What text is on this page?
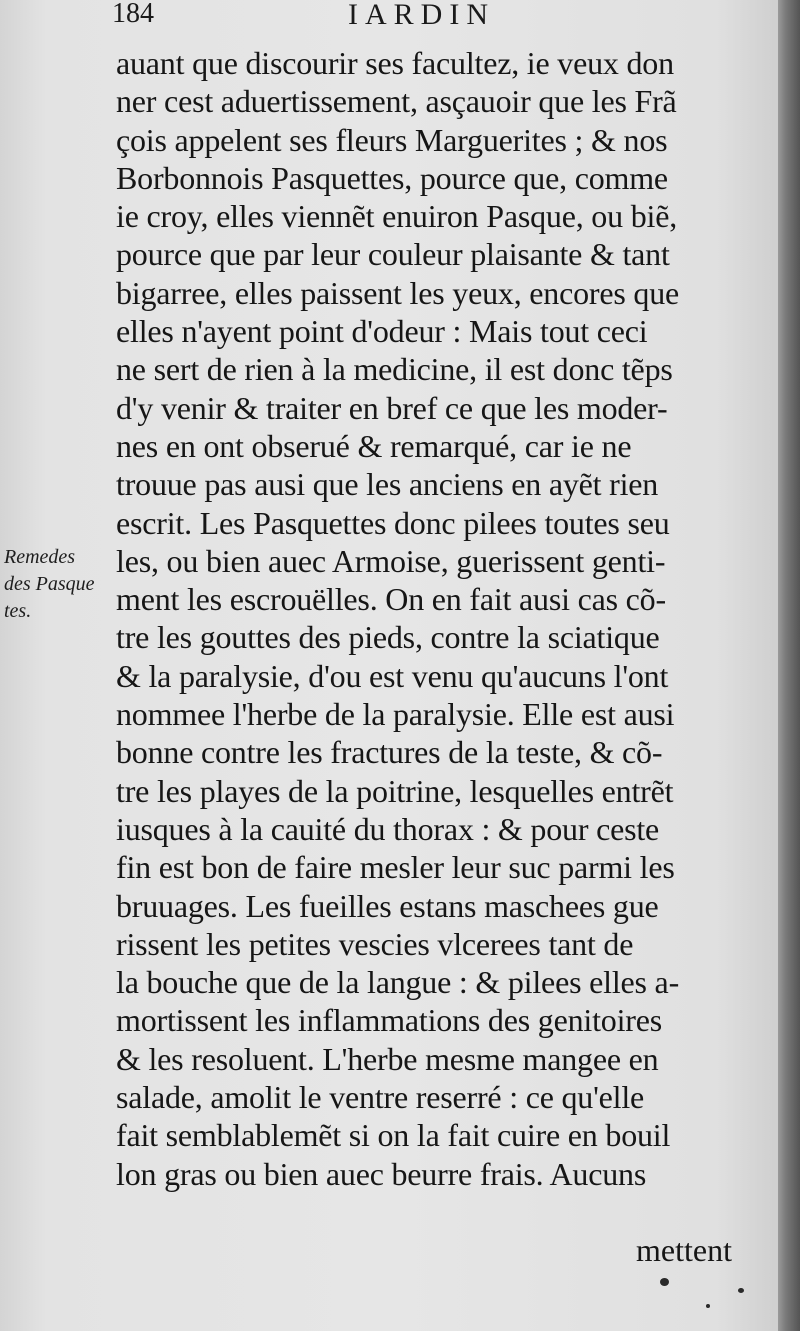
184	IARDIN
Remedes
des Pasque
tes.
auant que discourir ses facultez, ie veux don
ner cest aduertissement, asçauoir que les Frã
çois appelent ses fleurs Marguerites ; & nos
Borbonnois Pasquettes, pource que, comme
ie croy, elles viennẽt enuiron Pasque, ou biẽ,
pource que par leur couleur plaisante & tant
bigarree, elles paissent les yeux, encores que
elles n'ayent point d'odeur : Mais tout ceci
ne sert de rien à la medicine, il est donc tẽps
d'y venir & traiter en bref ce que les moder-
nes en ont obserué & remarqué, car ie ne
trouue pas ausi que les anciens en ayẽt rien
escrit. Les Pasquettes donc pilees toutes seu
les, ou bien auec Armoise, guerissent genti-
ment les escrouëlles. On en fait ausi cas cõ-
tre les gouttes des pieds, contre la sciatique
& la paralysie, d'ou est venu qu'aucuns l'ont
nommee l'herbe de la paralysie. Elle est ausi
bonne contre les fractures de la teste, & cõ-
tre les playes de la poitrine, lesquelles entrẽt
iusques à la cauité du thorax : & pour ceste
fin est bon de faire mesler leur suc parmi les
bruuages. Les fueilles estans maschees gue
rissent les petites vescies vlcerees tant de
la bouche que de la langue : & pilees elles a-
mortissent les inflammations des genitoires
& les resoluent. L'herbe mesme mangee en
salade, amolit le ventre reserré : ce qu'elle
fait semblablemẽt si on la fait cuire en bouil
lon gras ou bien auec beurre frais. Aucuns
mettent
